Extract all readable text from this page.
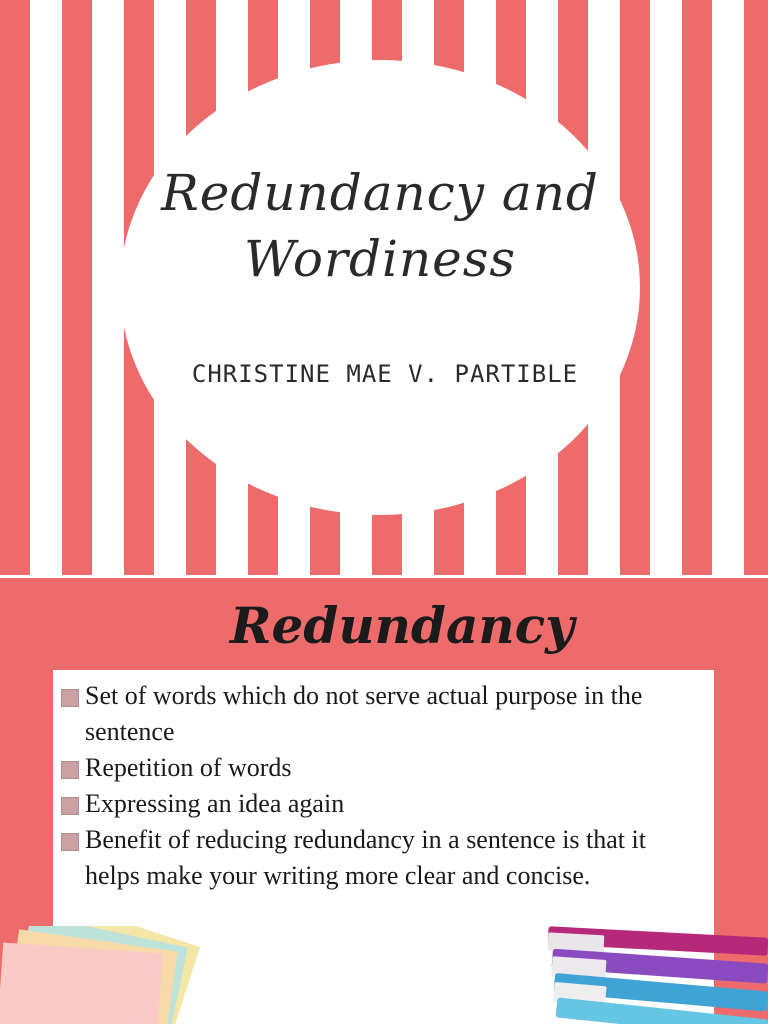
Redundancy and
Wordiness
CHRISTINE MAE V. PARTIBLE
Redundancy
Set of words which do not serve actual purpose in the sentence
Repetition of words
Expressing an idea again
Benefit of reducing redundancy in a sentence is that it helps make your writing more clear and concise.
